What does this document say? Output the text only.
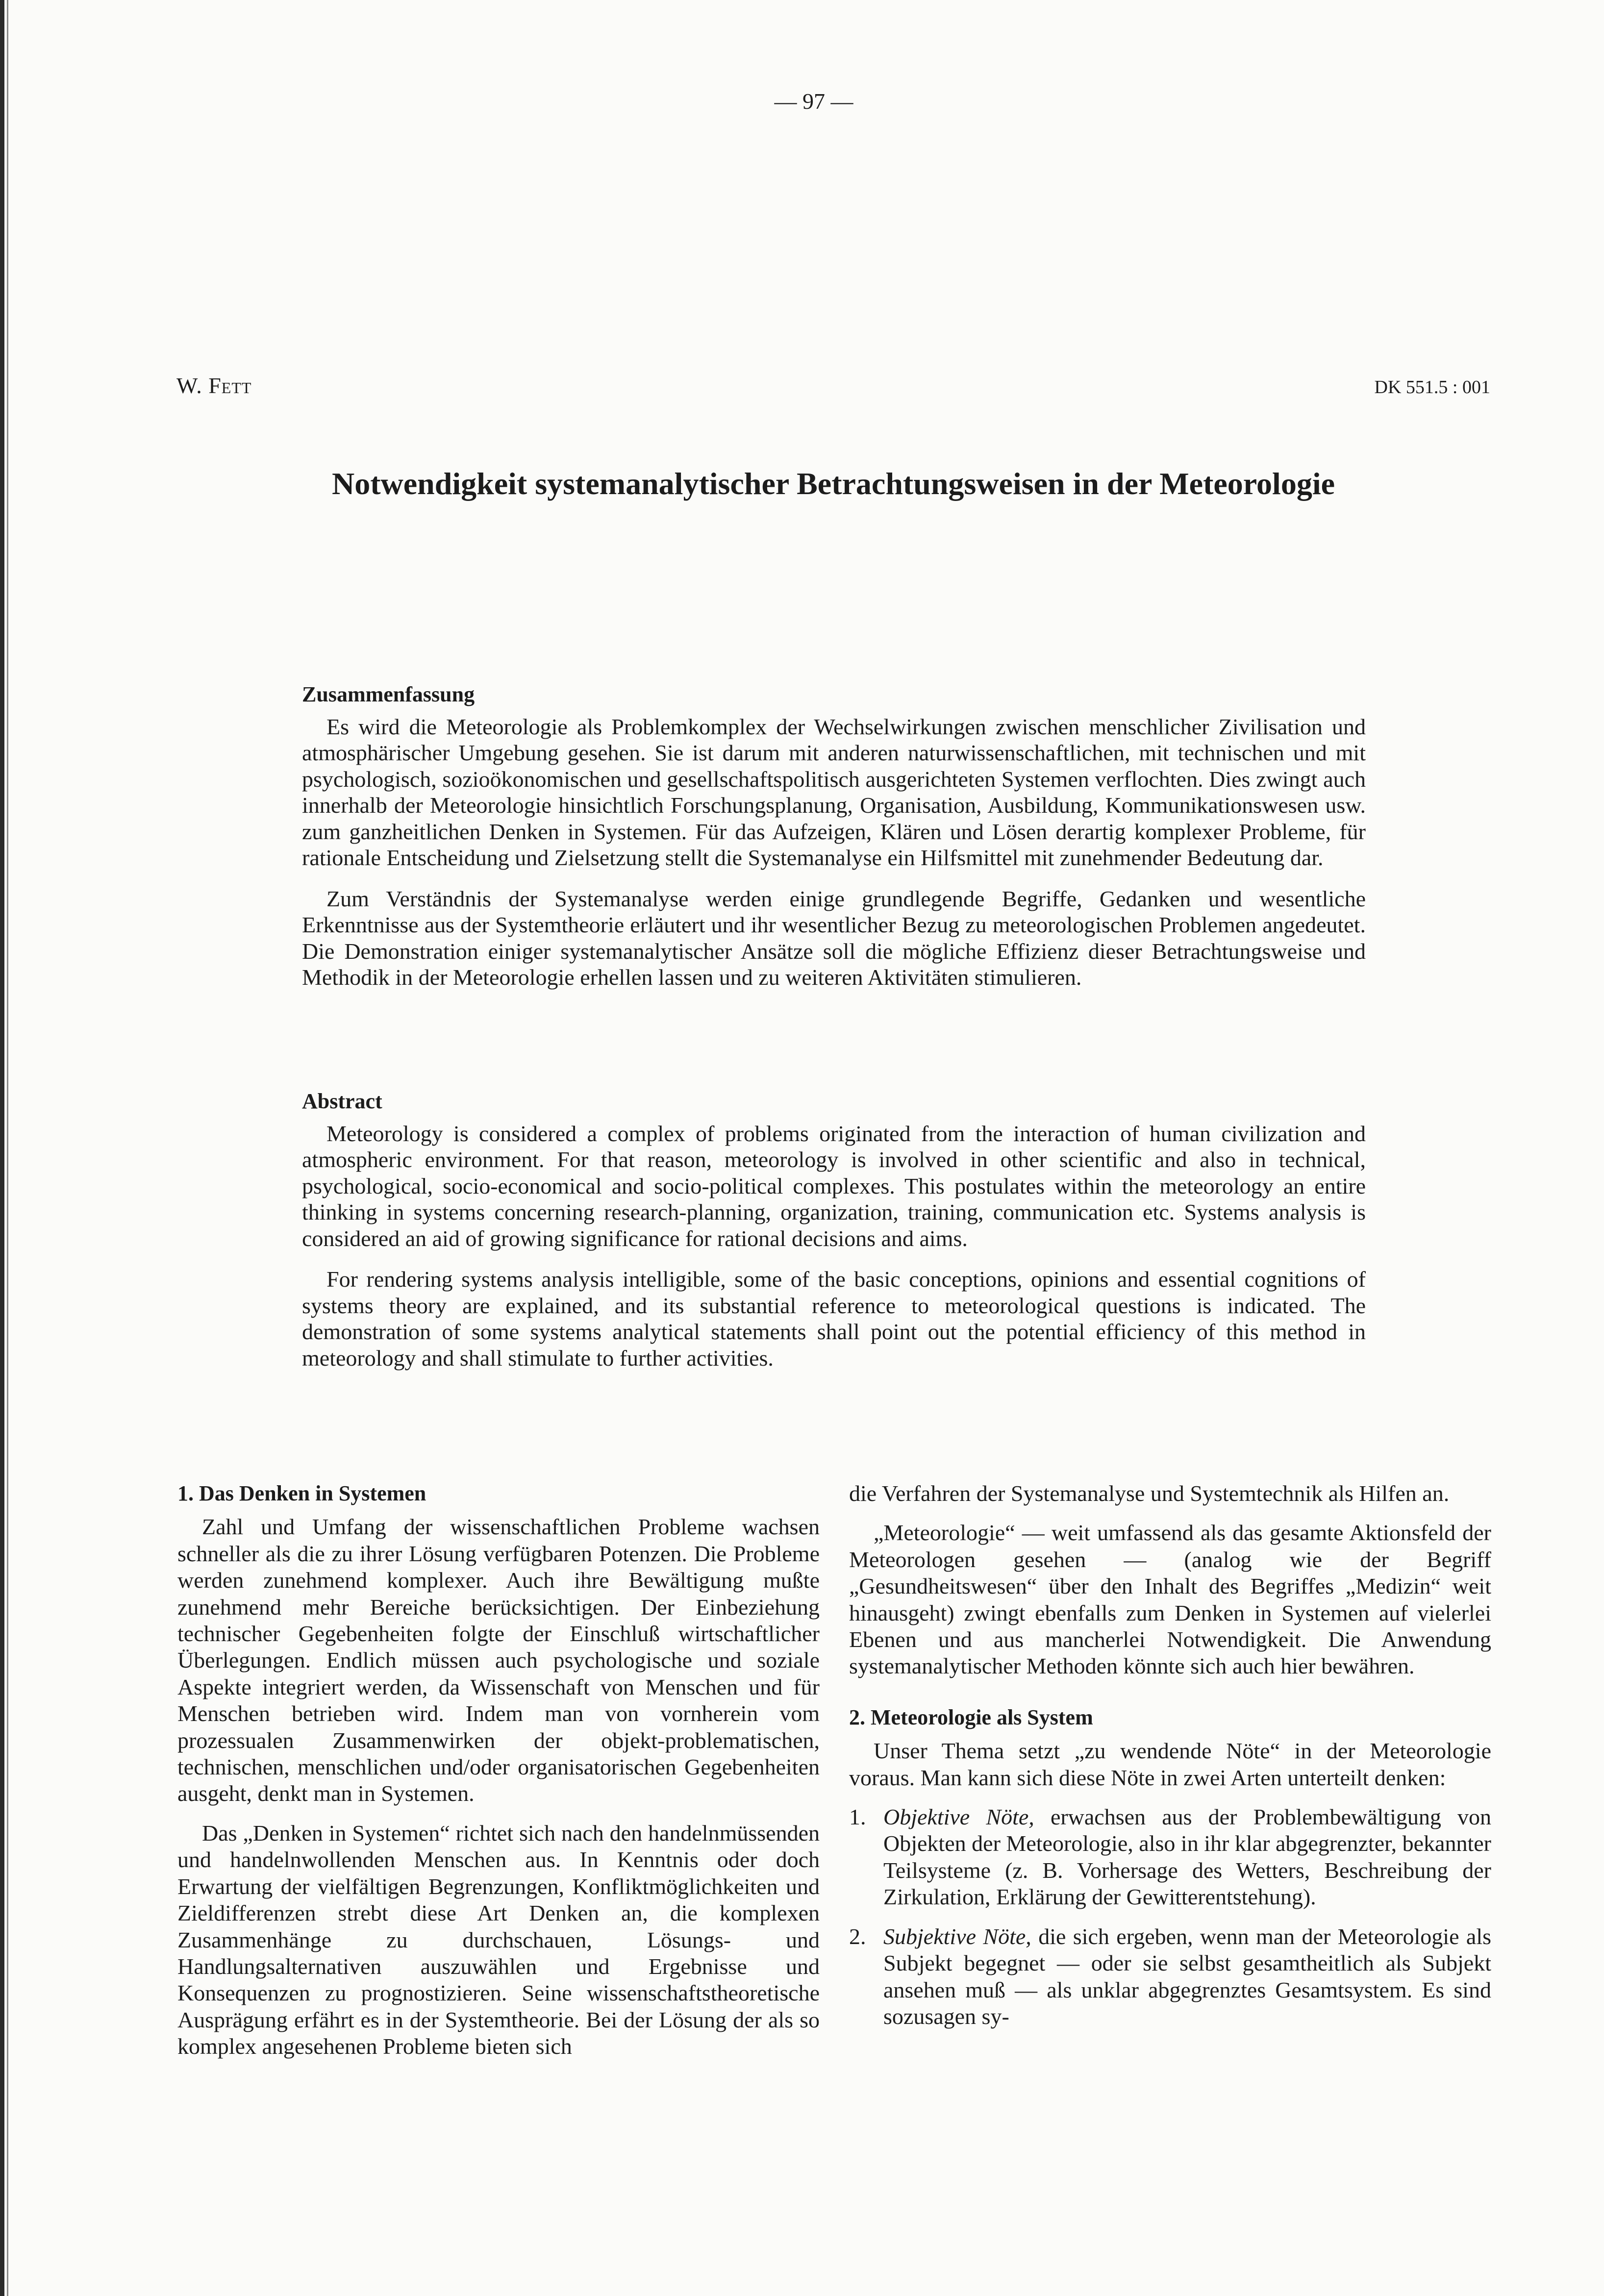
— 97 —
W. Fett	DK 551.5 : 001
Notwendigkeit systemanalytischer Betrachtungsweisen in der Meteorologie
Zusammenfassung

Es wird die Meteorologie als Problemkomplex der Wechselwirkungen zwischen menschlicher Zivilisation und atmosphärischer Umgebung gesehen. Sie ist darum mit anderen naturwissenschaftlichen, mit technischen und mit psychologisch, sozioökonomischen und gesellschaftspolitisch ausgerichteten Systemen verflochten. Dies zwingt auch innerhalb der Meteorologie hinsichtlich Forschungsplanung, Organisation, Ausbildung, Kommunikationswesen usw. zum ganzheitlichen Denken in Systemen. Für das Aufzeigen, Klären und Lösen derartig komplexer Probleme, für rationale Entscheidung und Zielsetzung stellt die Systemanalyse ein Hilfsmittel mit zunehmender Bedeutung dar.

Zum Verständnis der Systemanalyse werden einige grundlegende Begriffe, Gedanken und wesentliche Erkenntnisse aus der Systemtheorie erläutert und ihr wesentlicher Bezug zu meteorologischen Problemen angedeutet. Die Demonstration einiger systemanalytischer Ansätze soll die mögliche Effizienz dieser Betrachtungsweise und Methodik in der Meteorologie erhellen lassen und zu weiteren Aktivitäten stimulieren.

Abstract

Meteorology is considered a complex of problems originated from the interaction of human civilization and atmospheric environment. For that reason, meteorology is involved in other scientific and also in technical, psychological, socio-economical and socio-political complexes. This postulates within the meteorology an entire thinking in systems concerning research-planning, organization, training, communication etc. Systems analysis is considered an aid of growing significance for rational decisions and aims.

For rendering systems analysis intelligible, some of the basic conceptions, opinions and essential cognitions of systems theory are explained, and its substantial reference to meteorological questions is indicated. The demonstration of some systems analytical statements shall point out the potential efficiency of this method in meteorology and shall stimulate to further activities.

1. Das Denken in Systemen

Zahl und Umfang der wissenschaftlichen Probleme wachsen schneller als die zu ihrer Lösung verfügbaren Potenzen. Die Probleme werden zunehmend komplexer. Auch ihre Bewältigung mußte zunehmend mehr Bereiche berücksichtigen. Der Einbeziehung technischer Gegebenheiten folgte der Einschluß wirtschaftlicher Überlegungen. Endlich müssen auch psychologische und soziale Aspekte integriert werden, da Wissenschaft von Menschen und für Menschen betrieben wird. Indem man von vornherein vom prozessualen Zusammenwirken der objekt-problematischen, technischen, menschlichen und/oder organisatorischen Gegebenheiten ausgeht, denkt man in Systemen.

Das „Denken in Systemen“ richtet sich nach den handelnmüssenden und handelnwollenden Menschen aus. In Kenntnis oder doch Erwartung der vielfältigen Begrenzungen, Konfliktmöglichkeiten und Zieldifferenzen strebt diese Art Denken an, die komplexen Zusammenhänge zu durchschauen, Lösungs- und Handlungsalternativen auszuwählen und Ergebnisse und Konsequenzen zu prognostizieren. Seine wissenschaftstheoretische Ausprägung erfährt es in der Systemtheorie. Bei der Lösung der als so komplex angesehenen Probleme bieten sich

die Verfahren der Systemanalyse und Systemtechnik als Hilfen an.

„Meteorologie“ — weit umfassend als das gesamte Aktionsfeld der Meteorologen gesehen — (analog wie der Begriff „Gesundheitswesen“ über den Inhalt des Begriffes „Medizin“ weit hinausgeht) zwingt ebenfalls zum Denken in Systemen auf vielerlei Ebenen und aus mancherlei Notwendigkeit. Die Anwendung systemanalytischer Methoden könnte sich auch hier bewähren.

2. Meteorologie als System

Unser Thema setzt „zu wendende Nöte“ in der Meteorologie voraus. Man kann sich diese Nöte in zwei Arten unterteilt denken:

1. Objektive Nöte, erwachsen aus der Problembewältigung von Objekten der Meteorologie, also in ihr klar abgegrenzter, bekannter Teilsysteme (z. B. Vorhersage des Wetters, Beschreibung der Zirkulation, Erklärung der Gewitterentstehung).
2. Subjektive Nöte, die sich ergeben, wenn man der Meteorologie als Subjekt begegnet — oder sie selbst gesamtheitlich als Subjekt ansehen muß — als unklar abgegrenztes Gesamtsystem. Es sind sozusagen sy-
